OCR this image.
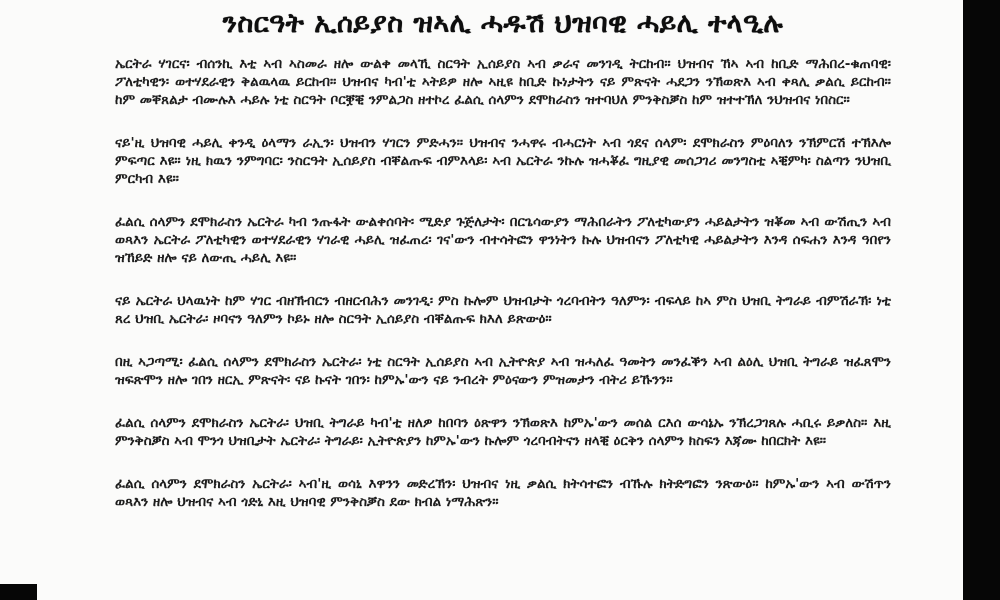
ንስርዓት ኢሰይያስ ዝኣሊ ሓዱሽ ህዝባዊ ሓይሊ ተላዒሉ

ኤርትራ ሃገርና፡ ብሰንኪ እቲ ኣብ ኣስመራ ዘሎ ውልቀ መላኺ ስርዓት ኢሰይያስ ኣብ ቃራና መንገዲ ትርከብ። ህዝብና ኸኣ ኣብ ከቢድ ማሕበረ-ቁጠባዊ፡ ፖለቲካዊን፡ ወተሃደራዊን ቅልዉላዉ ይርከብ። ህዝብና ካብ'ቲ ኣትይዎ ዘሎ ኣዚዩ ከቢድ ኩነታትን ናይ ምጽናት ሓደጋን ንኽወጽእ ኣብ ቀጻሊ ቃልሲ ይርከብ። ከም መቐጸልታ ብሙሉእ ሓይሉ ነቲ ስርዓት ቦርቛቒ ንምልጋስ ዘተኮረ ፈልሲ ሰላምን ደሞክራስን ዝተባህለ ምንቅስቓስ ከም ዝተተኽለ ንህዝብና ነበስር።

ናይ'ዚ ህዝባዊ ሓይሊ ቀንዲ ዕላማን ራኢን፡ ህዝብን ሃገርን ምድሓን። ህዝብና ንሓዋሩ ብሓርነት ኣብ ጎደና ሰላም፡ ደሞክራስን ምዕባለን ንኽምርሽ ተኽእሎ ምፍጣር እዩ። ነዚ ክዉን ንምግባር፡ ንስርዓት ኢሰይያስ ብቐልጡፍ ብምእላይ፡ ኣብ ኤርትራ ንኩሉ ዝሓቖፈ ግዚያዊ መሰጋገሪ መንግስቲ ኣቒምካ፡ ስልጣን ንህዝቢ ምርካብ እዩ።

ፈልሲ ሰላምን ደሞክራስን ኤርትራ ካብ ንጡፋት ውልቀሰባት፡ ሚድያ ጉጅለታት፡ በርጌሳውያን ማሕበራትን ፖለቲካውያን ሓይልታትን ዝቖመ ኣብ ውሽጢን ኣብ ወጻእን ኤርትራ ፖለቲካዊን ወተሃደራዊን ሃገራዊ ሓይሊ ዝፈጠረ፡ ገና'ውን ብተሳትፎን ዋንነትን ኩሉ ህዝብናን ፖለቲካዊ ሓይልታትን እንዳ ሰፍሐን እንዳ ዓበየን ዝኸይድ ዘሎ ናይ ለውጢ ሓይሊ እዩ።

ናይ ኤርትራ ህላዉነት ከም ሃገር ብዘኽብርን ብዘርብሕን መንገዲ፡ ምስ ኩሎም ህዝብታት ጎረባብትን ዓለምን፡ ብፍላይ ከኣ ምስ ህዝቢ ትግራይ ብምሽራኽ፡ ነቲ ጸረ ህዝቢ ኤርትራ፡ ዞባናን ዓለምን ኮይኑ ዘሎ ስርዓት ኢሰይያስ ብቐልጡፍ ክእለ ይጽውዕ።

በዚ ኣጋጣሚ፡ ፈልሲ ሰላምን ደሞክራስን ኤርትራ፡ ነቲ ስርዓት ኢሰይያስ ኣብ ኢትዮጵያ ኣብ ዝሓለፈ ዓመትን መንፈቕን ኣብ ልዕሊ ህዝቢ ትግራይ ዝፈጸሞን ዝፍጽሞን ዘሎ ገበን ዘርኢ ምጽናት፡ ናይ ኩናት ገበን፡ ከምኡ'ውን ናይ ንብረት ምዕናውን ምዝመታን ብትሪ ይኹንን።

ፈልሲ ሰላምን ደሞክራስን ኤርትራ፡ ህዝቢ ትግራይ ካብ'ቲ ዘለዎ ከበባን ዕጽዋን ንኽወጽእ ከምኡ'ውን መሰል ርእሰ ውሳኔኡ ንኽረጋገጸሉ ሓቢሩ ይቃለስ። እዚ ምንቅስቓስ ኣብ ሞንጎ ህዝቢታት ኤርትራ፡ ትግራይ፡ ኢትዮጵያን ከምኡ'ውን ኩሎም ጎረባብትናን ዘላቒ ዕርቅን ሰላምን ክስፍን እጃሙ ከበርክት እዩ።

ፈልሲ ሰላምን ደሞክራስን ኤርትራ፡ ኣብ'ዚ ወሳኒ እዋንን መድረኽን፡ ህዝብና ነዚ ቃልሲ ክትሳተፎን ብኹሉ ክትድግፎን ንጽውዕ። ከምኡ'ውን ኣብ ውሽጥን ወጻእን ዘሎ ህዝብና ኣብ ጎድኒ እዚ ህዝባዊ ምንቅስቓስ ደው ክብል ነማሕጽን።
